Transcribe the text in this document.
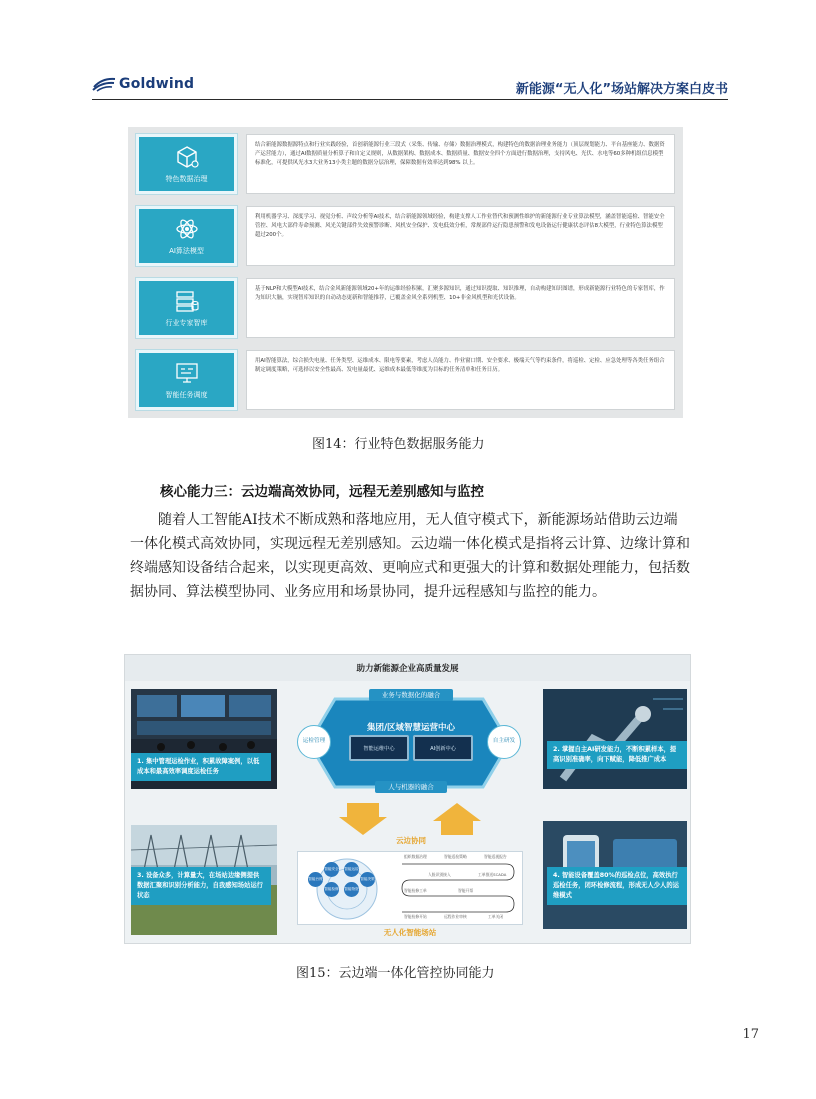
Goldwind	新能源“无人化”场站解决方案白皮书
特色数据治理
结合新能源数据源特点和行业实践经验，首创新能源行业三段式（采集、传输、存储）数据治理模式，构建特色的数据治理业务能力（顶层规划能力、平台基座能力、数据资产运营能力），通过AI数据质量分析算子和自定义规则，从数据架构、数据成本、数据质量、数据安全四个方面进行数据治理，支持风电、光伏、水电等60多种机组信息模型标准化，可提供风光水3大业务13小类主题的数据分层治理，保障数据有效率达到98% 以上。
AI算法模型
利用机器学习、深度学习、视觉分析、声纹分析等AI技术，结合新能源领域经验，构建支撑人工作业替代和预测性维护的新能源行业专业算法模型，涵盖智能巡检、智能安全管控、风电大部件寿命预测、风光关键部件失效预警诊断、风机安全保护、发电低效分析，常规部件运行隐患预警和发电设备运行健康状态评估8大模型，行业特色算法模型超过200个。
行业专家智库
基于NLP和大模型AI技术，结合金风新能源领域20+年的运维经验积累，汇聚多源知识，通过知识提取、知识推理，自动构建知识图谱，形成新能源行业特色的专家智库，作为知识大脑，实现智库知识的自动动态更新和智能推荐，已覆盖金风全系列机型、10+非金风机型和光伏设备。
智能任务调度
用AI智能算法，综合损失电量、任务类型、运维成本、限电等要素，考虑人员能力、作业窗口期、安全要求、极端天气等约束条件，将巡检、定检、应急处理等各类任务组合制定调度策略，可选择以安全性最高、发电量最优、运维成本最低等维度为目标的任务清单和任务日历。
图14：行业特色数据服务能力
核心能力三：云边端高效协同，远程无差别感知与监控
随着人工智能AI技术不断成熟和落地应用，无人值守模式下，新能源场站借助云边端一体化模式高效协同，实现远程无差别感知。云边端一体化模式是指将云计算、边缘计算和终端感知设备结合起来，以实现更高效、更响应式和更强大的计算和数据处理能力，包括数据协同、算法模型协同、业务应用和场景协同，提升远程感知与监控的能力。
助力新能源企业高质量发展
1. 集中管理运检作业，积累故障案例，以低成本和最高效率调度运检任务
2. 掌握自主AI研发能力，不断积累样本，提高识别准确率，向下赋能，降低推广成本
3. 设备众多，计算量大，在场站边缘侧提供数据汇聚和识别分析能力，自我感知场站运行状态
4. 智能设备覆盖80%的巡检点位，高效执行巡检任务，闭环检修流程，形成无人少人的运维模式
业务与数据化的融合
集团/区域智慧运营中心
智能运维中心	AI创新中心
人与机器的融合
运检管理	自主研发
云边协同
智能安全 智能运检
智能检修 智能物资
智能台账	智能决策
组织数据治理	智能巡检策略	智能巡视报告
人脸识别接入	工单推送SCADA
智能检修工单	智能开票
智能检修开始	远程作业审核	工单关闭
无人化智能场站
图15：云边端一体化管控协同能力
17
